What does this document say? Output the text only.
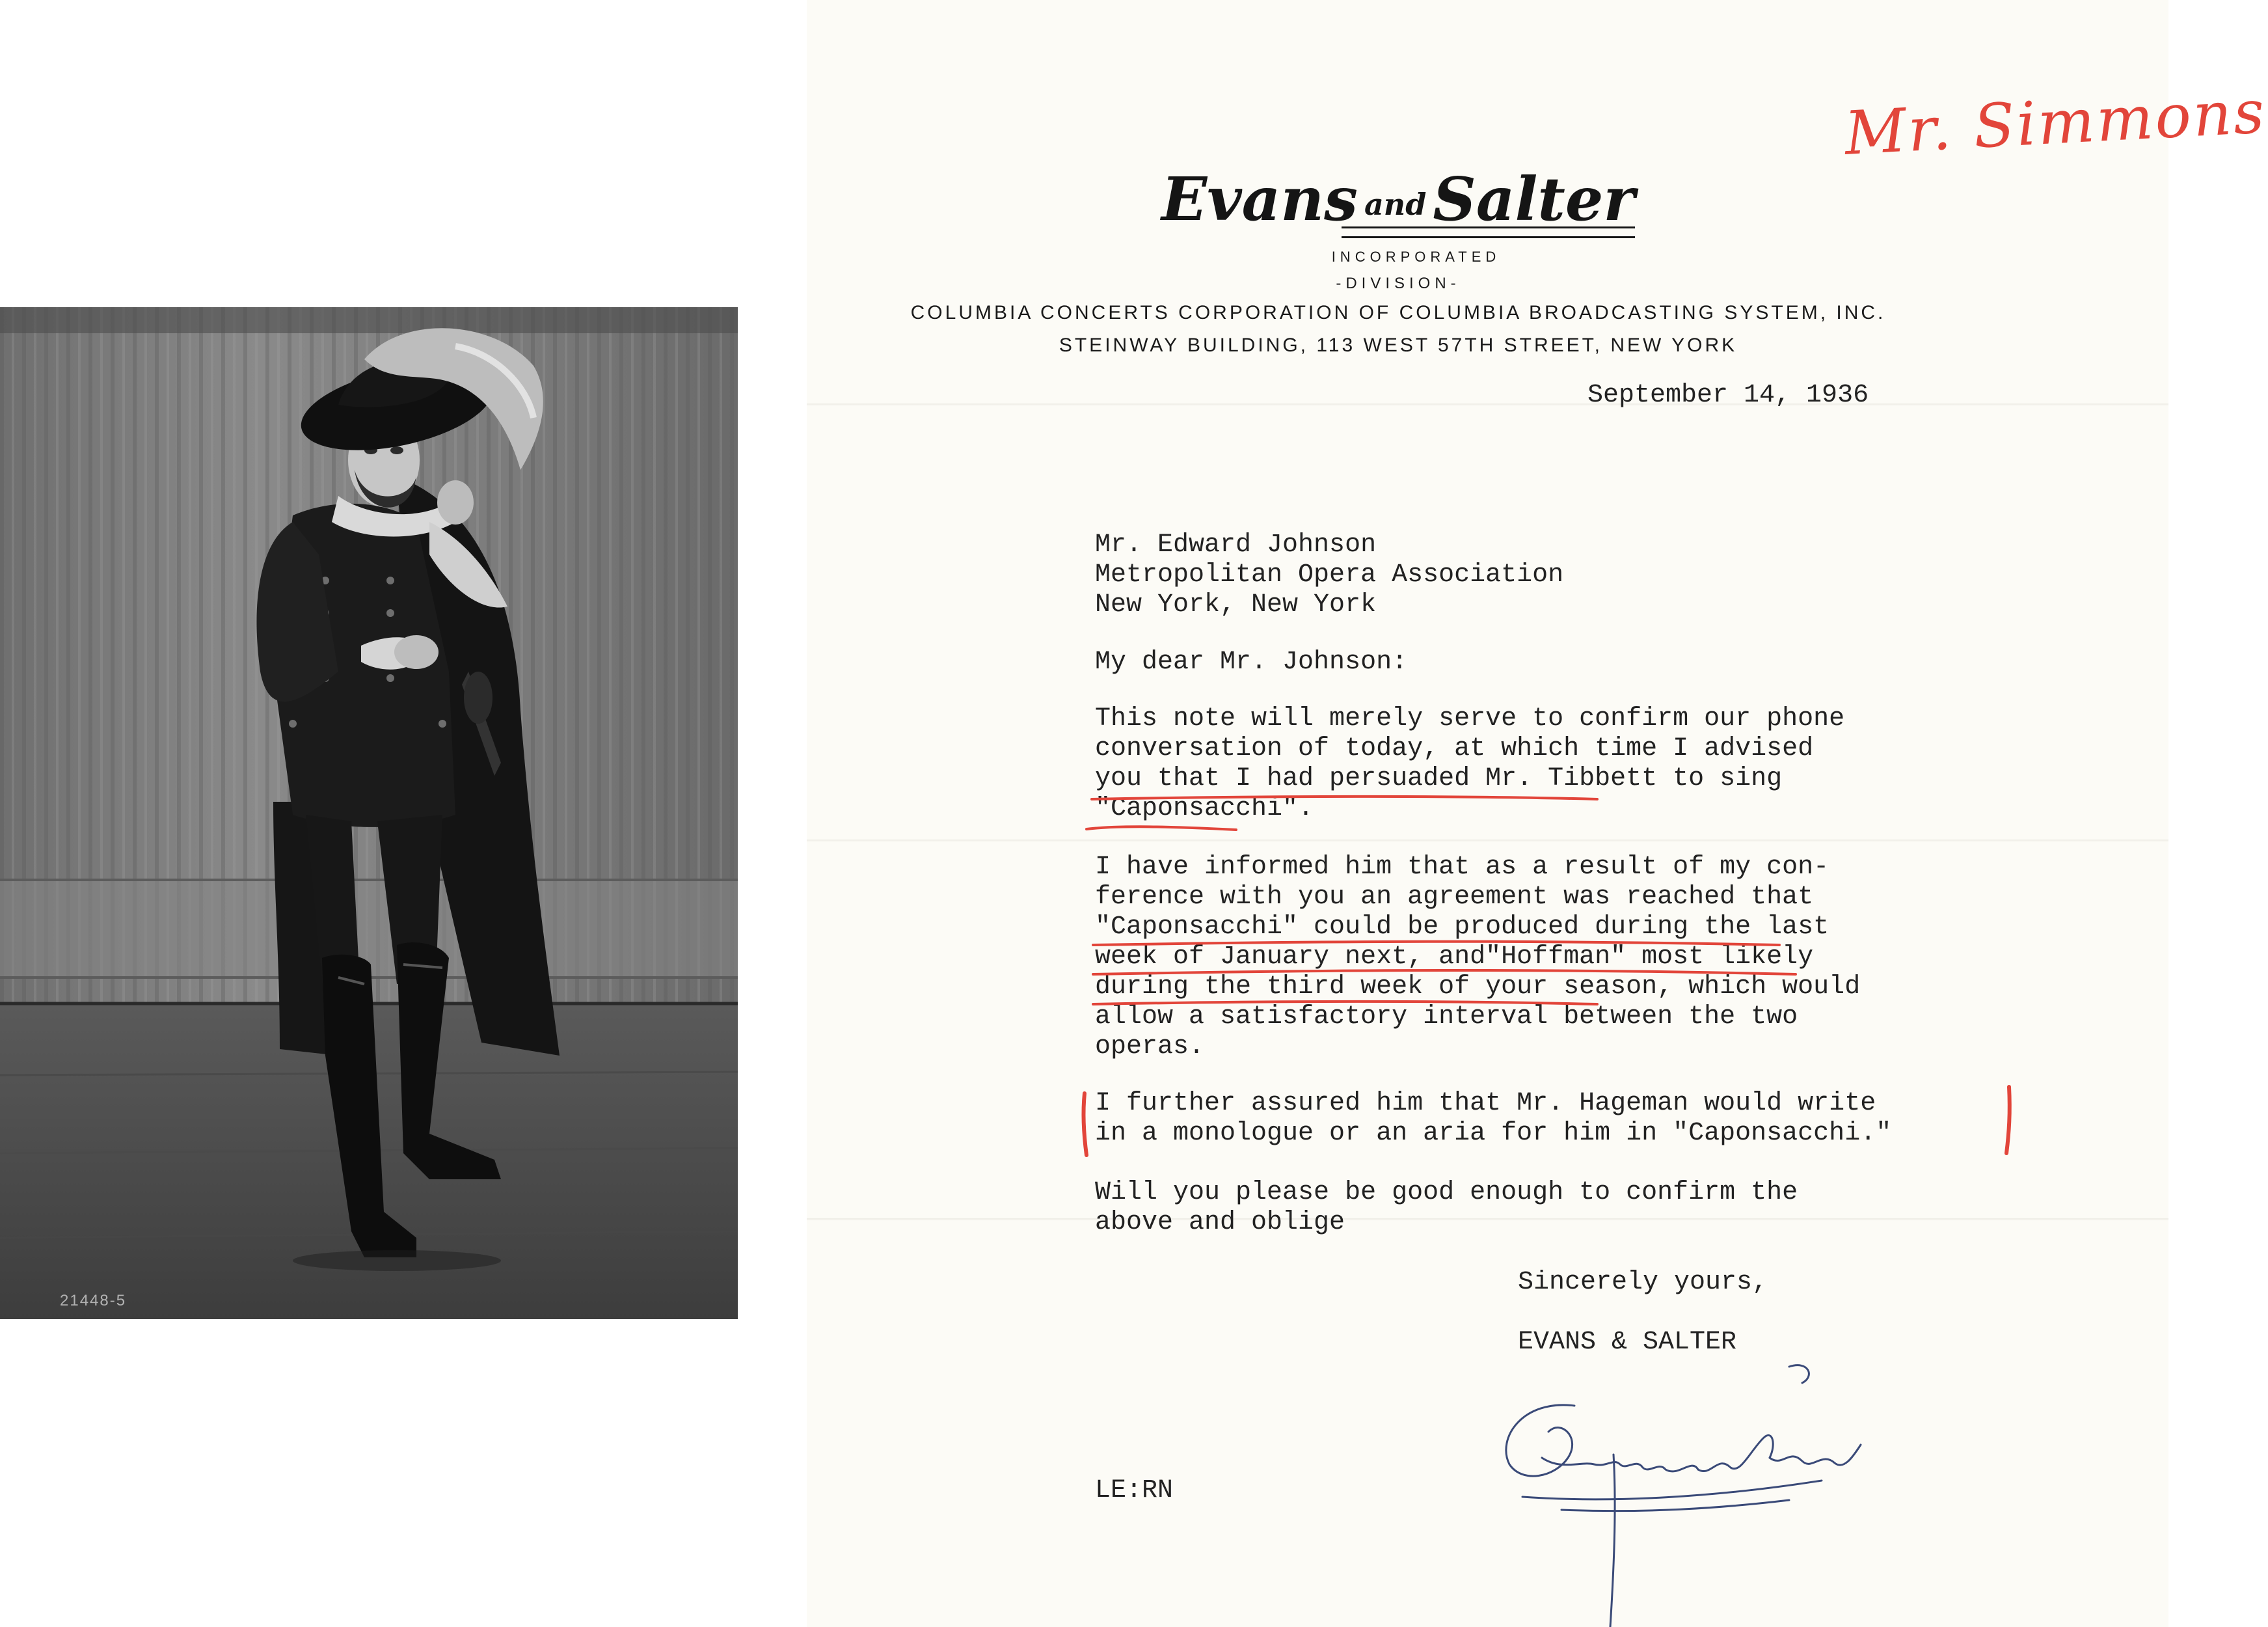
21448-5
Mr. Simmons
Evans and Salter
INCORPORATED
-DIVISION-
COLUMBIA CONCERTS CORPORATION OF COLUMBIA BROADCASTING SYSTEM, INC.
STEINWAY BUILDING, 113 WEST 57TH STREET, NEW YORK
September 14, 1936
Mr. Edward Johnson
Metropolitan Opera Association
New York, New York
My dear Mr. Johnson:
This note will merely serve to confirm our phone
conversation of today, at which time I advised
you that I had persuaded Mr. Tibbett to sing
"Caponsacchi".
I have informed him that as a result of my con-
ference with you an agreement was reached that
"Caponsacchi" could be produced during the last
week of January next, and"Hoffman" most likely
during the third week of your season, which would
allow a satisfactory interval between the two
operas.
I further assured him that Mr. Hageman would write
in a monologue or an aria for him in "Caponsacchi."
Will you please be good enough to confirm the
above and oblige
Sincerely yours,
EVANS & SALTER
LE:RN
